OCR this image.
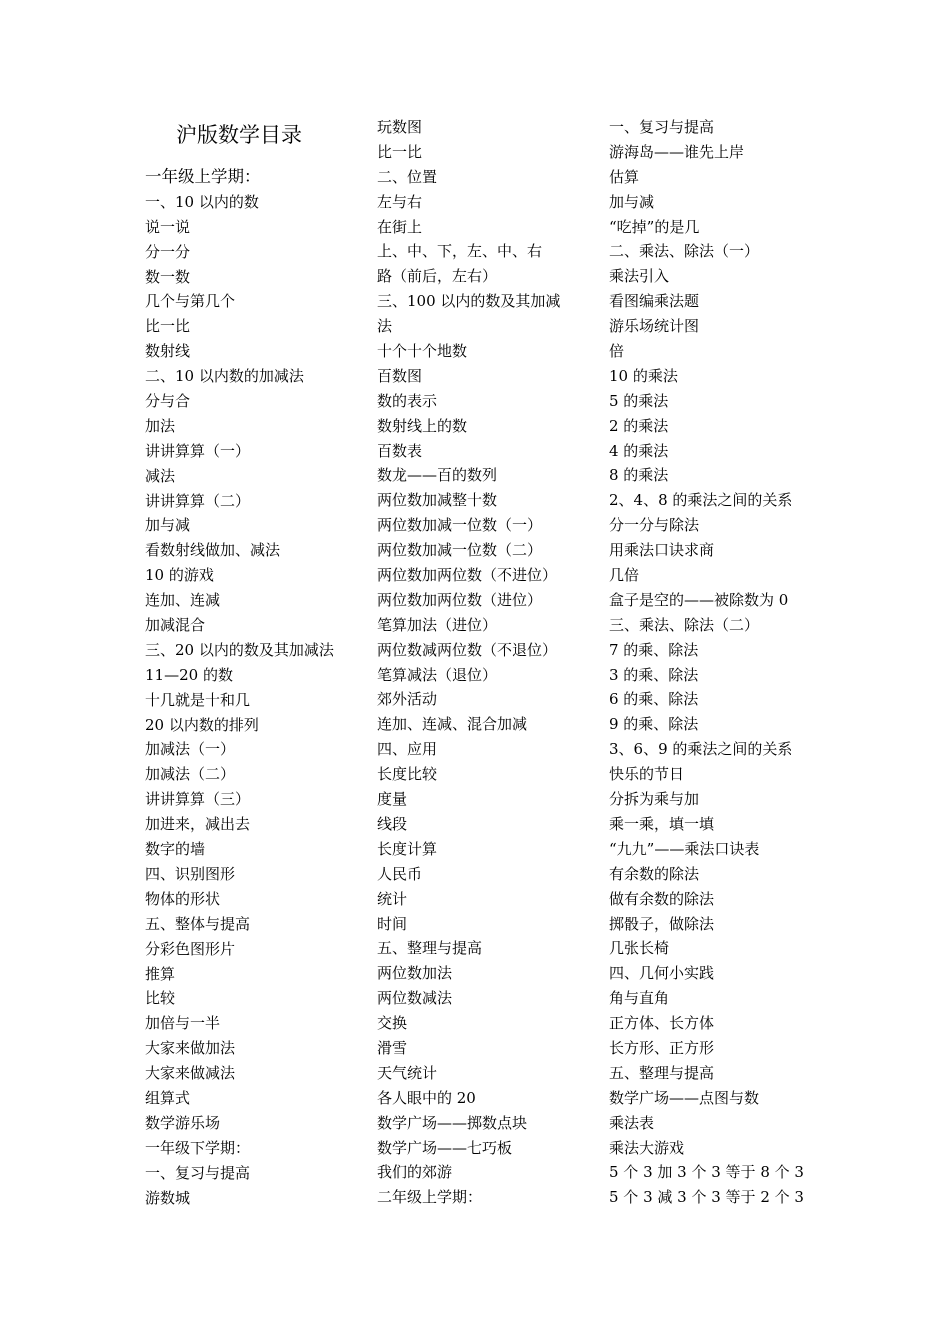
沪版数学目录
一年级上学期：
一、10 以内的数
说一说
分一分
数一数
几个与第几个
比一比
数射线
二、10 以内数的加减法
分与合
加法
讲讲算算（一）
减法
讲讲算算（二）
加与减
看数射线做加、减法
10 的游戏
连加、连减
加减混合
三、20 以内的数及其加减法
11—20 的数
十几就是十和几
20 以内数的排列
加减法（一）
加减法（二）
讲讲算算（三）
加进来，减出去
数字的墙
四、识别图形
物体的形状
五、整体与提高
分彩色图形片
推算
比较
加倍与一半
大家来做加法
大家来做减法
组算式
数学游乐场
一年级下学期：
一、复习与提高
游数城
玩数图
比一比
二、位置
左与右
在街上
上、中、下，左、中、右
路（前后，左右）
三、100 以内的数及其加减
法
十个十个地数
百数图
数的表示
数射线上的数
百数表
数龙——百的数列
两位数加减整十数
两位数加减一位数（一）
两位数加减一位数（二）
两位数加两位数（不进位）
两位数加两位数（进位）
笔算加法（进位）
两位数减两位数（不退位）
笔算减法（退位）
郊外活动
连加、连减、混合加减
四、应用
长度比较
度量
线段
长度计算
人民币
统计
时间
五、整理与提高
两位数加法
两位数减法
交换
滑雪
天气统计
各人眼中的 20
数学广场——掷数点块
数学广场——七巧板
我们的郊游
二年级上学期：
一、复习与提高
游海岛——谁先上岸
估算
加与减
“吃掉”的是几
二、乘法、除法（一）
乘法引入
看图编乘法题
游乐场统计图
倍
10 的乘法
5 的乘法
2 的乘法
4 的乘法
8 的乘法
2、4、8 的乘法之间的关系
分一分与除法
用乘法口诀求商
几倍
盒子是空的——被除数为 0
三、乘法、除法（二）
7 的乘、除法
3 的乘、除法
6 的乘、除法
9 的乘、除法
3、6、9 的乘法之间的关系
快乐的节日
分拆为乘与加
乘一乘，填一填
“九九”——乘法口诀表
有余数的除法
做有余数的除法
掷骰子，做除法
几张长椅
四、几何小实践
角与直角
正方体、长方体
长方形、正方形
五、整理与提高
数学广场——点图与数
乘法表
乘法大游戏
5 个 3 加 3 个 3 等于 8 个 3
5 个 3 减 3 个 3 等于 2 个 3
